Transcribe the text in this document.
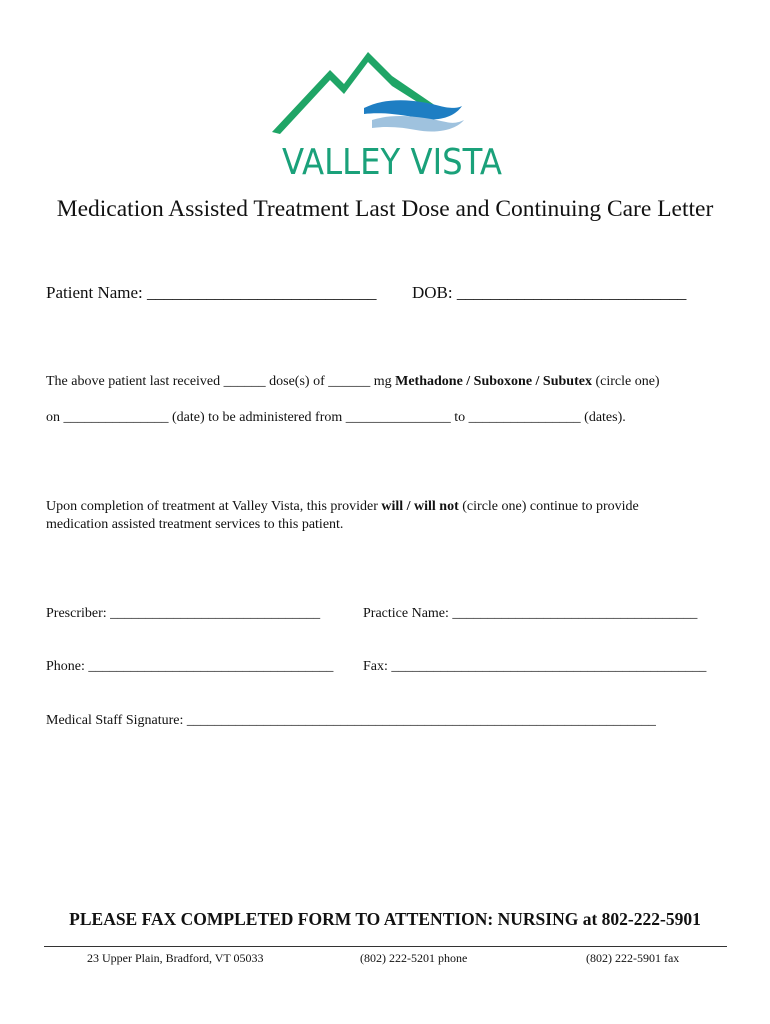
VALLEY VISTA
Medication Assisted Treatment Last Dose and Continuing Care Letter
Patient Name: ___________________________ DOB: ___________________________
The above patient last received ______ dose(s) of ______ mg Methadone / Suboxone / Subutex (circle one)
on _______________ (date) to be administered from _______________ to ________________ (dates).
Upon completion of treatment at Valley Vista, this provider will / will not (circle one) continue to provide
medication assisted treatment services to this patient.
Prescriber: ______________________________	Practice Name: ___________________________________
Phone: ___________________________________ Fax: _____________________________________________
Medical Staff Signature: ___________________________________________________________________
PLEASE FAX COMPLETED FORM TO ATTENTION: NURSING at 802-222-5901
23 Upper Plain, Bradford, VT 05033	(802) 222-5201 phone	(802) 222-5901 fax
